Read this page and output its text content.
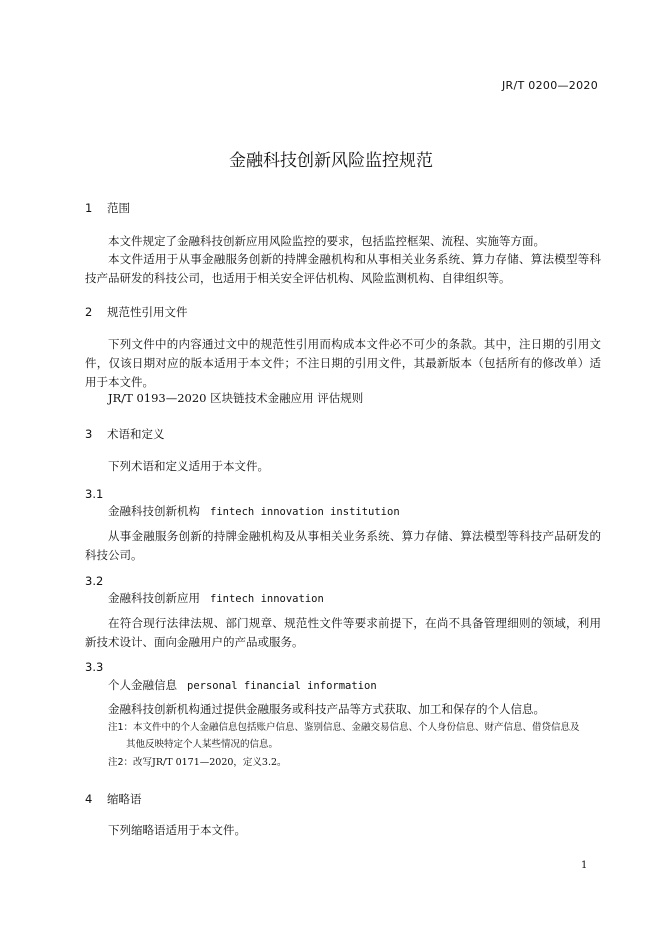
JR/T 0200—2020
金融科技创新风险监控规范
1 范围
本文件规定了金融科技创新应用风险监控的要求，包括监控框架、流程、实施等方面。
本文件适用于从事金融服务创新的持牌金融机构和从事相关业务系统、算力存储、算法模型等科技产品研发的科技公司，也适用于相关安全评估机构、风险监测机构、自律组织等。
2 规范性引用文件
下列文件中的内容通过文中的规范性引用而构成本文件必不可少的条款。其中，注日期的引用文件，仅该日期对应的版本适用于本文件；不注日期的引用文件，其最新版本（包括所有的修改单）适用于本文件。
JR/T 0193—2020 区块链技术金融应用 评估规则
3 术语和定义
下列术语和定义适用于本文件。
3.1
金融科技创新机构 fintech innovation institution
从事金融服务创新的持牌金融机构及从事相关业务系统、算力存储、算法模型等科技产品研发的科技公司。
3.2
金融科技创新应用 fintech innovation
在符合现行法律法规、部门规章、规范性文件等要求前提下，在尚不具备管理细则的领域，利用新技术设计、面向金融用户的产品或服务。
3.3
个人金融信息 personal financial information
金融科技创新机构通过提供金融服务或科技产品等方式获取、加工和保存的个人信息。
注1：本文件中的个人金融信息包括账户信息、鉴别信息、金融交易信息、个人身份信息、财产信息、借贷信息及
其他反映特定个人某些情况的信息。
注2：改写JR/T 0171—2020，定义3.2。
4 缩略语
下列缩略语适用于本文件。
1
